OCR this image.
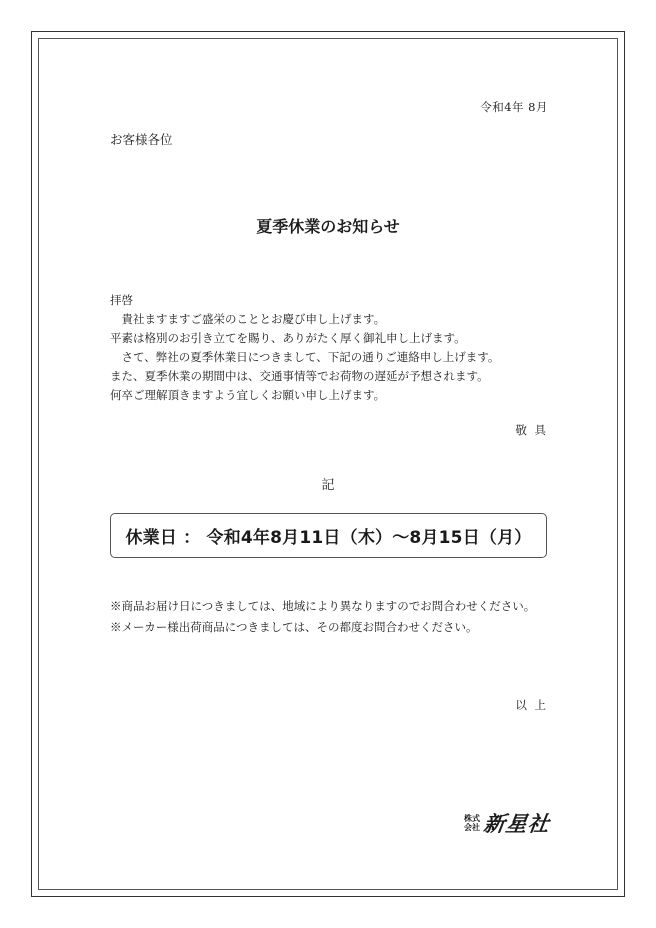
令和4年 8月
お客様各位
夏季休業のお知らせ
拝啓
　貴社ますますご盛栄のこととお慶び申し上げます。
平素は格別のお引き立てを賜り、ありがたく厚く御礼申し上げます。
　さて、弊社の夏季休業日につきまして、下記の通りご連絡申し上げます。
また、夏季休業の期間中は、交通事情等でお荷物の遅延が予想されます。
何卒ご理解頂きますよう宜しくお願い申し上げます。
敬 具
記
休業日 ： 令和4年8月11日（木）～8月15日（月）
※商品お届け日につきましては、地域により異なりますのでお問合わせください。
※メーカー様出荷商品につきましては、その都度お問合わせください。
以 上
株式
会社 新星社
